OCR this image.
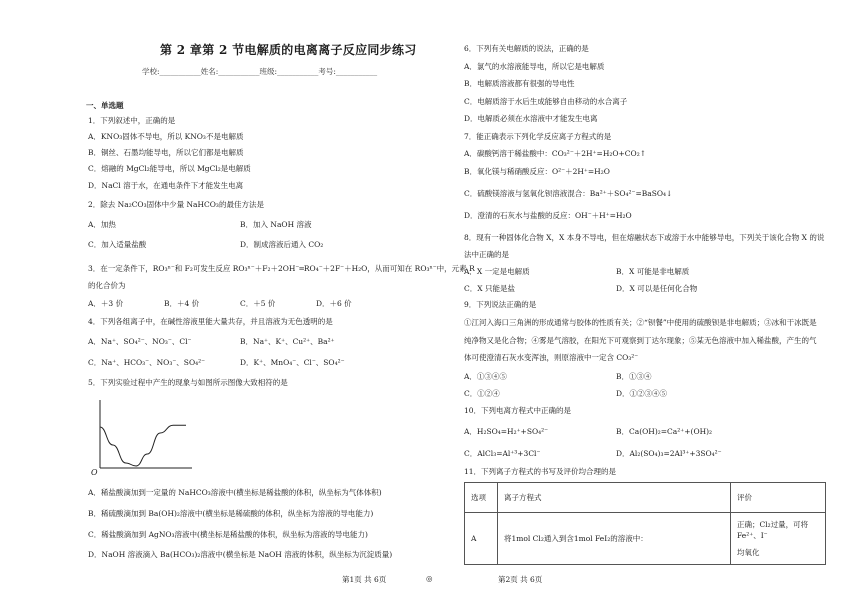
第 2 章第 2 节电解质的电离离子反应同步练习
学校:___________姓名:___________班级:___________考号:___________
一、单选题
1．下列叙述中，正确的是
A．KNO₃固体不导电，所以 KNO₃不是电解质
B．铜丝、石墨均能导电，所以它们都是电解质
C．熔融的 MgCl₂能导电，所以 MgCl₂是电解质
D．NaCl 溶于水，在通电条件下才能发生电离
2．除去 Na₂CO₃固体中少量 NaHCO₃的最佳方法是
A．加热	B．加入 NaOH 溶液
C．加入适量盐酸	D．制成溶液后通入 CO₂
3．在一定条件下，RO₃ⁿ⁻和 F₂可发生反应 RO₃ⁿ⁻＋F₂＋2OH⁻═RO₄⁻＋2F⁻＋H₂O，从而可知在 RO₃ⁿ⁻中，元素 R
的化合价为
A．＋3 价	B．＋4 价	C．＋5 价	D．＋6 价
4．下列各组离子中，在碱性溶液里能大量共存，并且溶液为无色透明的是
A．Na⁺、SO₄²⁻、NO₃⁻、Cl⁻	B．Na⁺、K⁺、Cu²⁺、Ba²⁺
C．Na⁺、HCO₃⁻、NO₃⁻、SO₄²⁻	D．K⁺、MnO₄⁻、Cl⁻、SO₄²⁻
5．下列实验过程中产生的现象与如图所示图像大致相符的是
O
A．稀盐酸滴加到一定量的 NaHCO₃溶液中(横坐标是稀盐酸的体积，纵坐标为气体体积)
B．稀硫酸滴加到 Ba(OH)₂溶液中(横坐标是稀硫酸的体积，纵坐标为溶液的导电能力)
C．稀盐酸滴加到 AgNO₃溶液中(横坐标是稀盐酸的体积，纵坐标为溶液的导电能力)
D．NaOH 溶液滴入 Ba(HCO₃)₂溶液中(横坐标是 NaOH 溶液的体积，纵坐标为沉淀质量)
6．下列有关电解质的说法，正确的是
A．氯气的水溶液能导电，所以它是电解质
B．电解质溶液都有很强的导电性
C．电解质溶于水后生成能够自由移动的水合离子
D．电解质必须在水溶液中才能发生电离
7．能正确表示下列化学反应离子方程式的是
A．碳酸钙溶于稀盐酸中：CO₃²⁻＋2H⁺=H₂O+CO₂↑
B．氧化镁与稀硝酸反应：O²⁻＋2H⁺=H₂O
C．硫酸镁溶液与氢氧化钡溶液混合：Ba²⁺＋SO₄²⁻=BaSO₄↓
D．澄清的石灰水与盐酸的反应：OH⁻＋H⁺=H₂O
8．现有一种固体化合物 X，X 本身不导电，但在熔融状态下或溶于水中能够导电，下列关于该化合物 X 的说
法中正确的是
A．X 一定是电解质	B．X 可能是非电解质
C．X 只能是盐	D．X 可以是任何化合物
9．下列说法正确的是
①江河入海口三角洲的形成通常与胶体的性质有关；②“钡餐”中使用的硫酸钡是非电解质；③冰和干冰既是
纯净物又是化合物；④雾是气溶胶，在阳光下可观察到丁达尔现象；⑤某无色溶液中加入稀盐酸，产生的气
体可使澄清石灰水变浑浊，则原溶液中一定含 CO₃²⁻
A．①③④⑤	B．①③④
C．①②④	D．①②③④⑤
10．下列电离方程式中正确的是
A．H₂SO₄=H₂⁺+SO₄²⁻	B．Ca(OH)₂=Ca²⁺+(OH)₂
C．AlCl₃=Al⁺³+3Cl⁻	D．Al₂(SO₄)₃=2Al³⁺+3SO₄²⁻
11．下列离子方程式的书写及评价均合理的是
选项	离子方程式	评价
A	将1mol Cl₂通入到含1mol FeI₂的溶液中：	正确；Cl₂过量，可将 Fe²⁺、I⁻
均氧化
第1页 共 6页	◎	第2页 共 6页
